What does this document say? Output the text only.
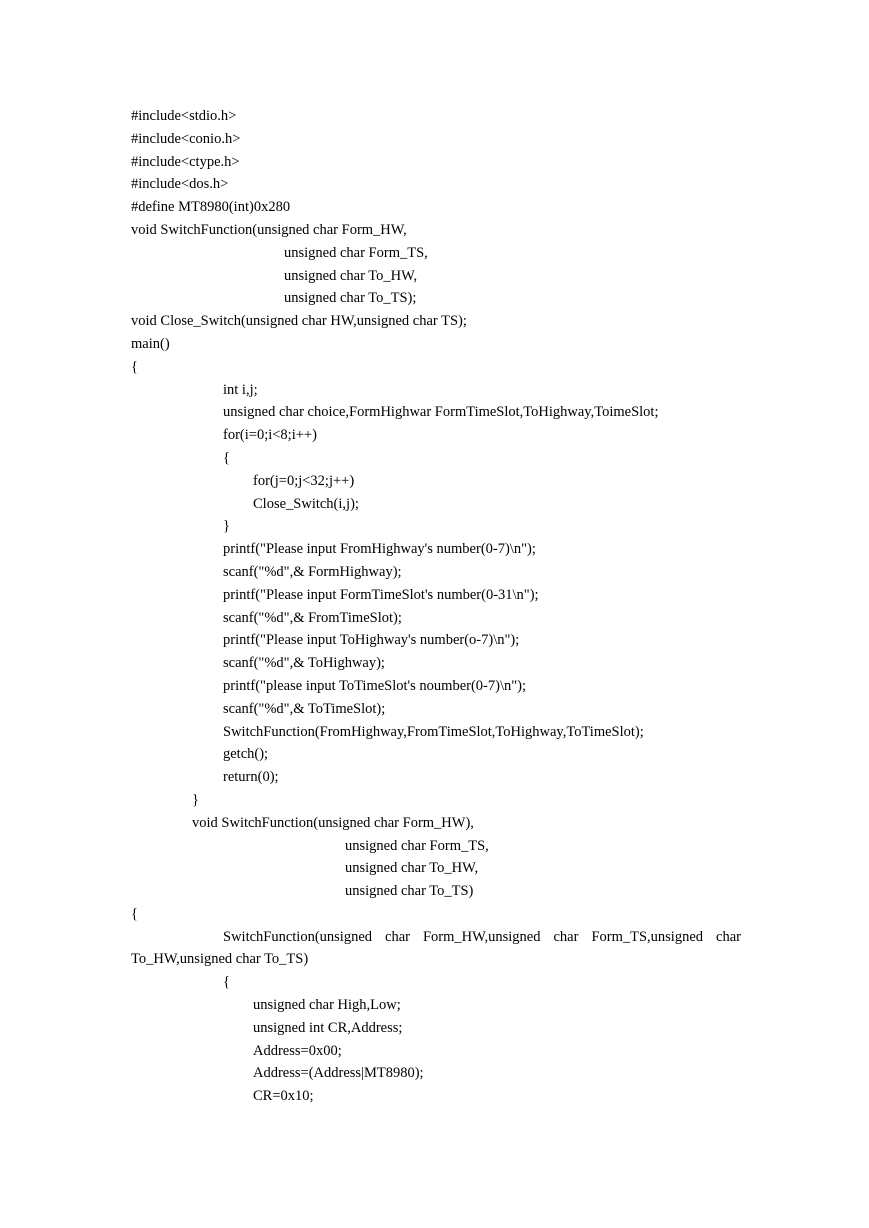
#include<stdio.h>
#include<conio.h>
#include<ctype.h>
#include<dos.h>
#define MT8980(int)0x280
void SwitchFunction(unsigned char Form_HW,
unsigned char Form_TS,
unsigned char To_HW,
unsigned char To_TS);
void Close_Switch(unsigned char HW,unsigned char TS);
main()
{
int i,j;
unsigned char choice,FormHighwar FormTimeSlot,ToHighway,ToimeSlot;
for(i=0;i<8;i++)
{
for(j=0;j<32;j++)
Close_Switch(i,j);
}
printf("Please input FromHighway's number(0-7)\n");
scanf("%d",& FormHighway);
printf("Please input FormTimeSlot's number(0-31\n");
scanf("%d",& FromTimeSlot);
printf("Please input ToHighway's number(o-7)\n");
scanf("%d",& ToHighway);
printf("please input ToTimeSlot's noumber(0-7)\n");
scanf("%d",& ToTimeSlot);
SwitchFunction(FromHighway,FromTimeSlot,ToHighway,ToTimeSlot);
getch();
return(0);
}
void SwitchFunction(unsigned char Form_HW),
unsigned char Form_TS,
unsigned char To_HW,
unsigned char To_TS)
{
SwitchFunction(unsigned char Form_HW,unsigned char Form_TS,unsigned char
To_HW,unsigned char To_TS)
{
unsigned char High,Low;
unsigned int CR,Address;
Address=0x00;
Address=(Address|MT8980);
CR=0x10;
